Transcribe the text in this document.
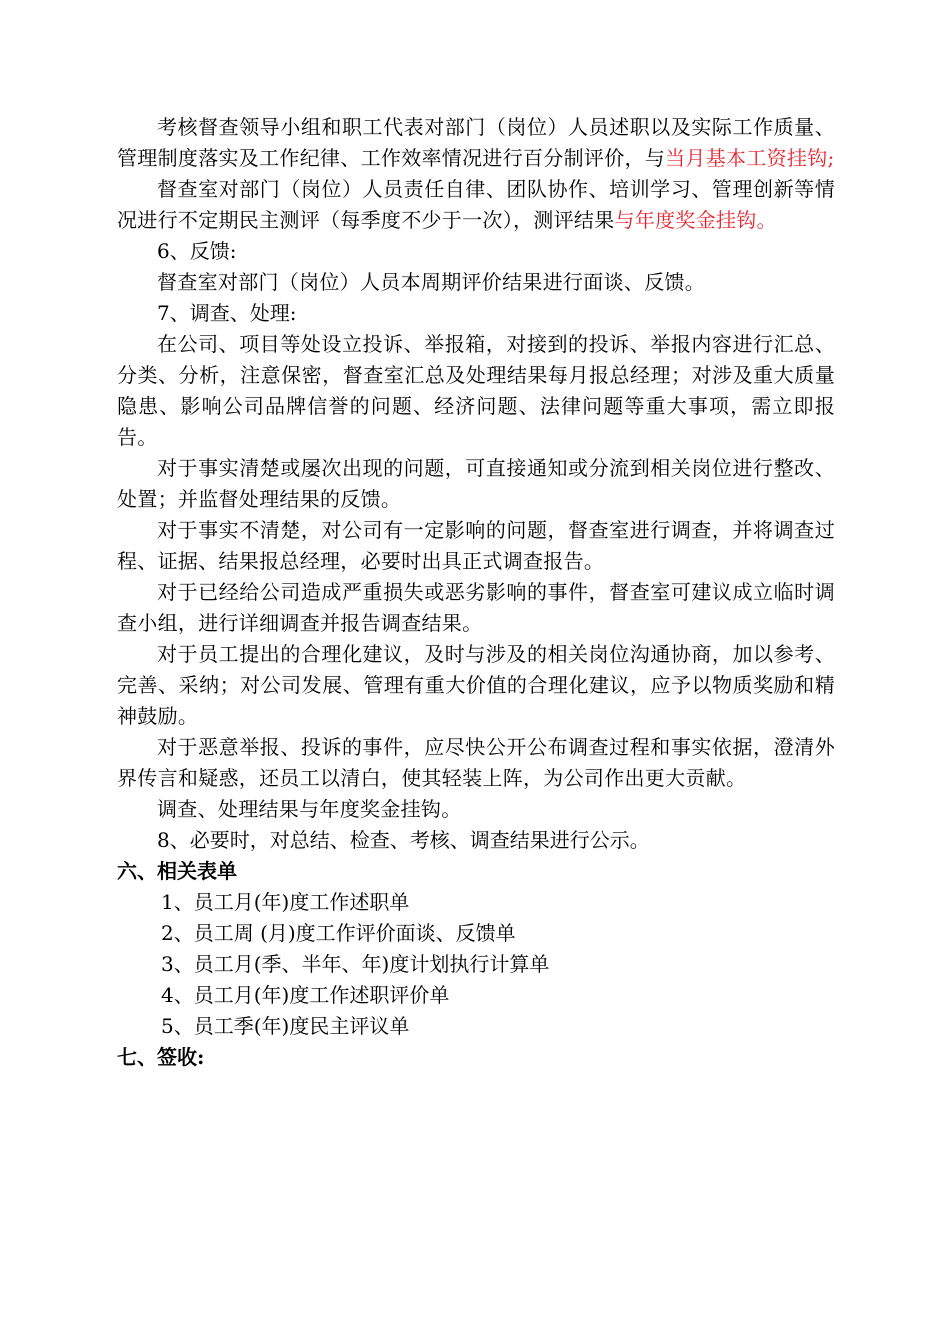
考核督查领导小组和职工代表对部门（岗位）人员述职以及实际工作质量、管理制度落实及工作纪律、工作效率情况进行百分制评价，与当月基本工资挂钩;

督查室对部门（岗位）人员责任自律、团队协作、培训学习、管理创新等情况进行不定期民主测评（每季度不少于一次），测评结果与年度奖金挂钩。

6、反馈:

督查室对部门（岗位）人员本周期评价结果进行面谈、反馈。

7、调查、处理:

在公司、项目等处设立投诉、举报箱，对接到的投诉、举报内容进行汇总、分类、分析，注意保密，督查室汇总及处理结果每月报总经理；对涉及重大质量隐患、影响公司品牌信誉的问题、经济问题、法律问题等重大事项，需立即报告。

对于事实清楚或屡次出现的问题，可直接通知或分流到相关岗位进行整改、处置；并监督处理结果的反馈。

对于事实不清楚，对公司有一定影响的问题，督查室进行调查，并将调查过程、证据、结果报总经理，必要时出具正式调查报告。

对于已经给公司造成严重损失或恶劣影响的事件，督查室可建议成立临时调查小组，进行详细调查并报告调查结果。

对于员工提出的合理化建议，及时与涉及的相关岗位沟通协商，加以参考、完善、采纳；对公司发展、管理有重大价值的合理化建议，应予以物质奖励和精神鼓励。

对于恶意举报、投诉的事件，应尽快公开公布调查过程和事实依据，澄清外界传言和疑惑，还员工以清白，使其轻装上阵，为公司作出更大贡献。

调查、处理结果与年度奖金挂钩。

8、必要时，对总结、检查、考核、调查结果进行公示。

六、相关表单

1、员工月(年)度工作述职单

2、员工周 (月)度工作评价面谈、反馈单

3、员工月(季、半年、年)度计划执行计算单

4、员工月(年)度工作述职评价单

5、员工季(年)度民主评议单

七、签收:
